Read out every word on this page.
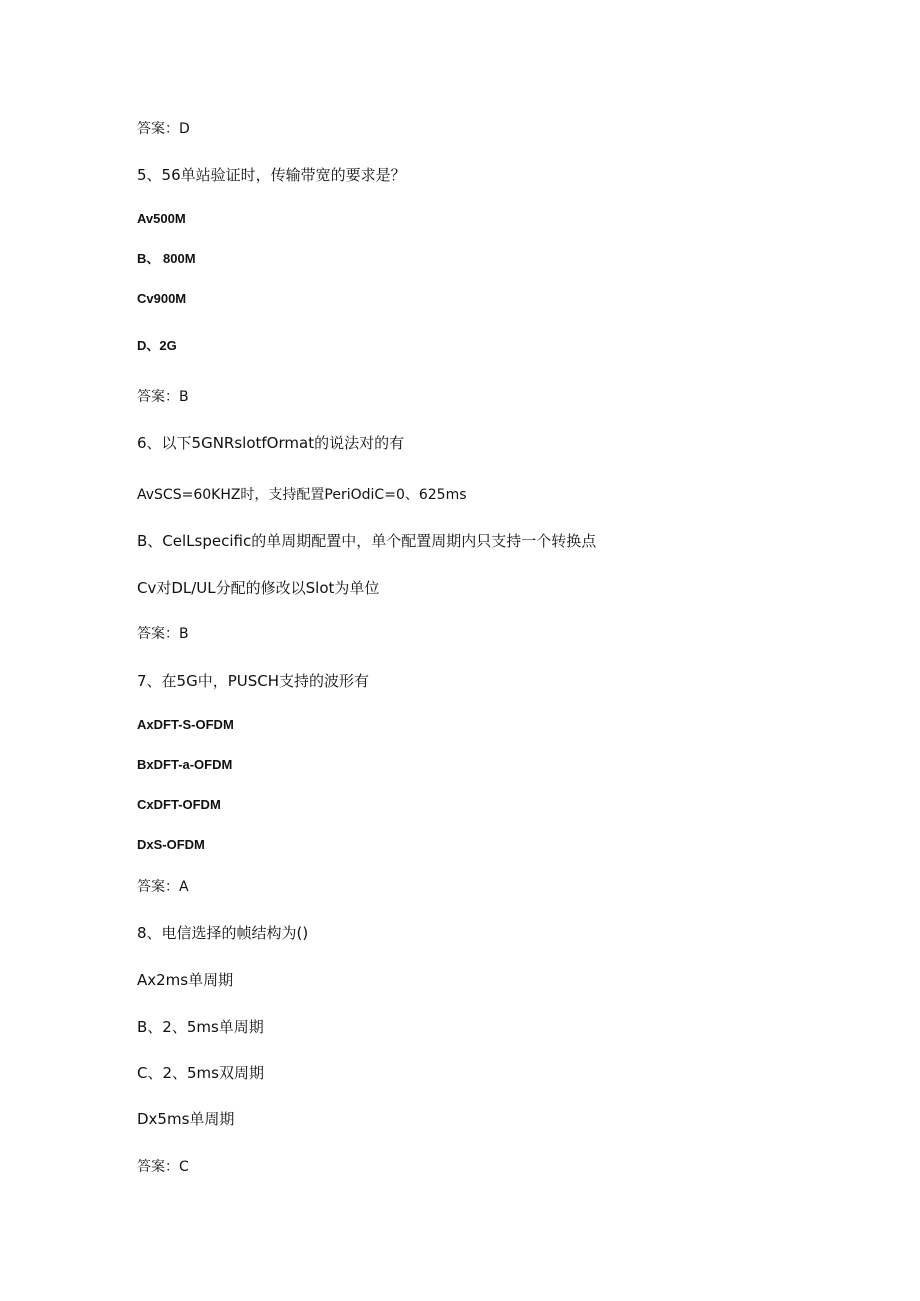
答案：D
5、56单站验证时，传输带宽的要求是？
Av500M
B、 800M
Cv900M
D、2G
答案：B
6、以下5GNRslotfOrmat的说法对的有
AvSCS=60KHZ时，支持配置PeriOdiC=0、625ms
B、CelLspecific的单周期配置中，单个配置周期内只支持一个转换点
Cv对DL/UL分配的修改以Slot为单位
答案：B
7、在5G中，PUSCH支持的波形有
AxDFT-S-OFDM
BxDFT-a-OFDM
CxDFT-OFDM
DxS-OFDM
答案：A
8、电信选择的帧结构为()
Ax2ms单周期
B、2、5ms单周期
C、2、5ms双周期
Dx5ms单周期
答案：C
